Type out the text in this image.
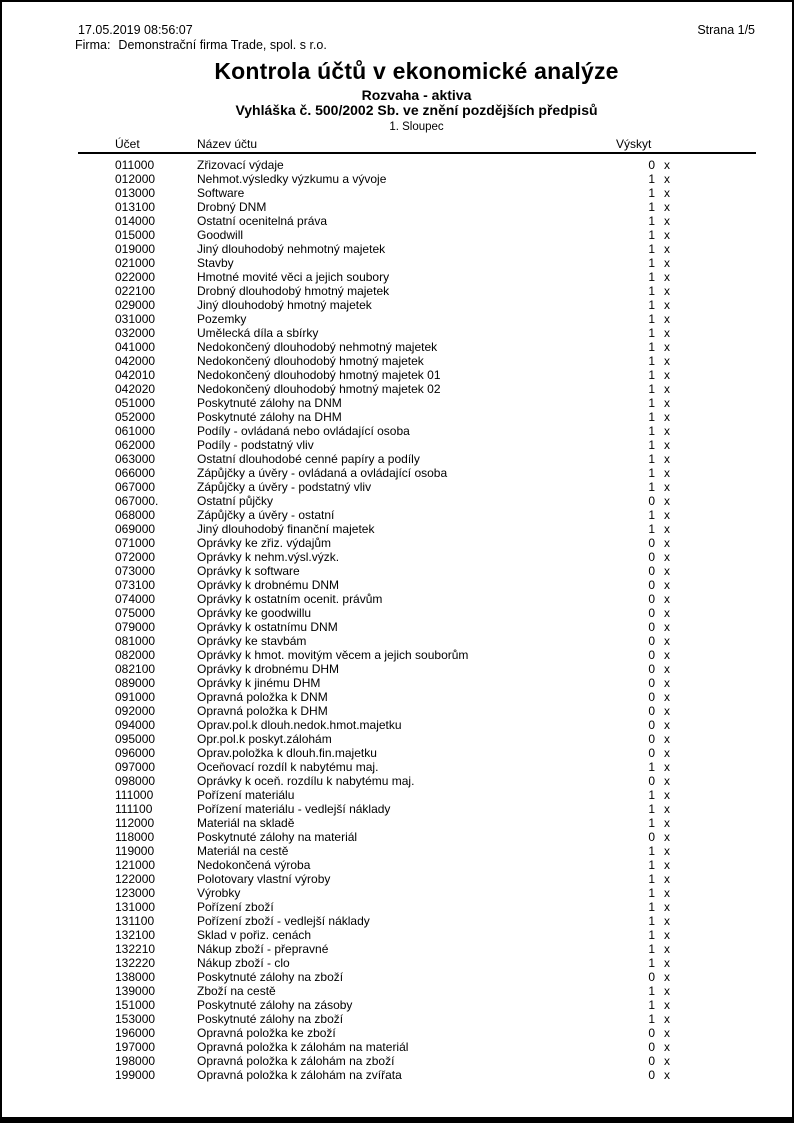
17.05.2019 08:56:07	Strana 1/5
Firma: Demonstrační firma Trade, spol. s r.o.
Kontrola účtů v ekonomické analýze
Rozvaha - aktiva
Vyhláška č. 500/2002 Sb. ve znění pozdějších předpisů
1. Sloupec
Účet	Název účtu	Výskyt
011000	Zřizovací výdaje	0 x
012000	Nehmot.výsledky výzkumu a vývoje	1 x
013000	Software	1 x
013100	Drobný DNM	1 x
014000	Ostatní ocenitelná práva	1 x
015000	Goodwill	1 x
019000	Jiný dlouhodobý nehmotný majetek	1 x
021000	Stavby	1 x
022000	Hmotné movité věci a jejich soubory	1 x
022100	Drobný dlouhodobý hmotný majetek	1 x
029000	Jiný dlouhodobý hmotný majetek	1 x
031000	Pozemky	1 x
032000	Umělecká díla a sbírky	1 x
041000	Nedokončený dlouhodobý nehmotný majetek	1 x
042000	Nedokončený dlouhodobý hmotný majetek	1 x
042010	Nedokončený dlouhodobý hmotný majetek 01	1 x
042020	Nedokončený dlouhodobý hmotný majetek 02	1 x
051000	Poskytnuté zálohy na DNM	1 x
052000	Poskytnuté zálohy na DHM	1 x
061000	Podíly - ovládaná nebo ovládající osoba	1 x
062000	Podíly - podstatný vliv	1 x
063000	Ostatní dlouhodobé cenné papíry a podíly	1 x
066000	Zápůjčky a úvěry - ovládaná a ovládající osoba	1 x
067000	Zápůjčky a úvěry - podstatný vliv	1 x
067000.	Ostatní půjčky	0 x
068000	Zápůjčky a úvěry - ostatní	1 x
069000	Jiný dlouhodobý finanční majetek	1 x
071000	Oprávky ke zřiz. výdajům	0 x
072000	Oprávky k nehm.výsl.výzk.	0 x
073000	Oprávky k software	0 x
073100	Oprávky k drobnému DNM	0 x
074000	Oprávky k ostatním ocenit. právům	0 x
075000	Oprávky ke goodwillu	0 x
079000	Oprávky k ostatnímu DNM	0 x
081000	Oprávky ke stavbám	0 x
082000	Oprávky k hmot. movitým věcem a jejich souborům	0 x
082100	Oprávky k drobnému DHM	0 x
089000	Oprávky k jinému DHM	0 x
091000	Opravná položka k DNM	0 x
092000	Opravná položka k DHM	0 x
094000	Oprav.pol.k dlouh.nedok.hmot.majetku	0 x
095000	Opr.pol.k poskyt.zálohám	0 x
096000	Oprav.položka k dlouh.fin.majetku	0 x
097000	Oceňovací rozdíl k nabytému maj.	1 x
098000	Oprávky k oceň. rozdílu k nabytému maj.	0 x
111000	Pořízení materiálu	1 x
111100	Pořízení materiálu - vedlejší náklady	1 x
112000	Materiál na skladě	1 x
118000	Poskytnuté zálohy na materiál	0 x
119000	Materiál na cestě	1 x
121000	Nedokončená výroba	1 x
122000	Polotovary vlastní výroby	1 x
123000	Výrobky	1 x
131000	Pořízení zboží	1 x
131100	Pořízení zboží - vedlejší náklady	1 x
132100	Sklad v pořiz. cenách	1 x
132210	Nákup zboží - přepravné	1 x
132220	Nákup zboží - clo	1 x
138000	Poskytnuté zálohy na zboží	0 x
139000	Zboží na cestě	1 x
151000	Poskytnuté zálohy na zásoby	1 x
153000	Poskytnuté zálohy na zboží	1 x
196000	Opravná položka ke zboží	0 x
197000	Opravná položka k zálohám na materiál	0 x
198000	Opravná položka k zálohám na zboží	0 x
199000	Opravná položka k zálohám na zvířata	0 x
